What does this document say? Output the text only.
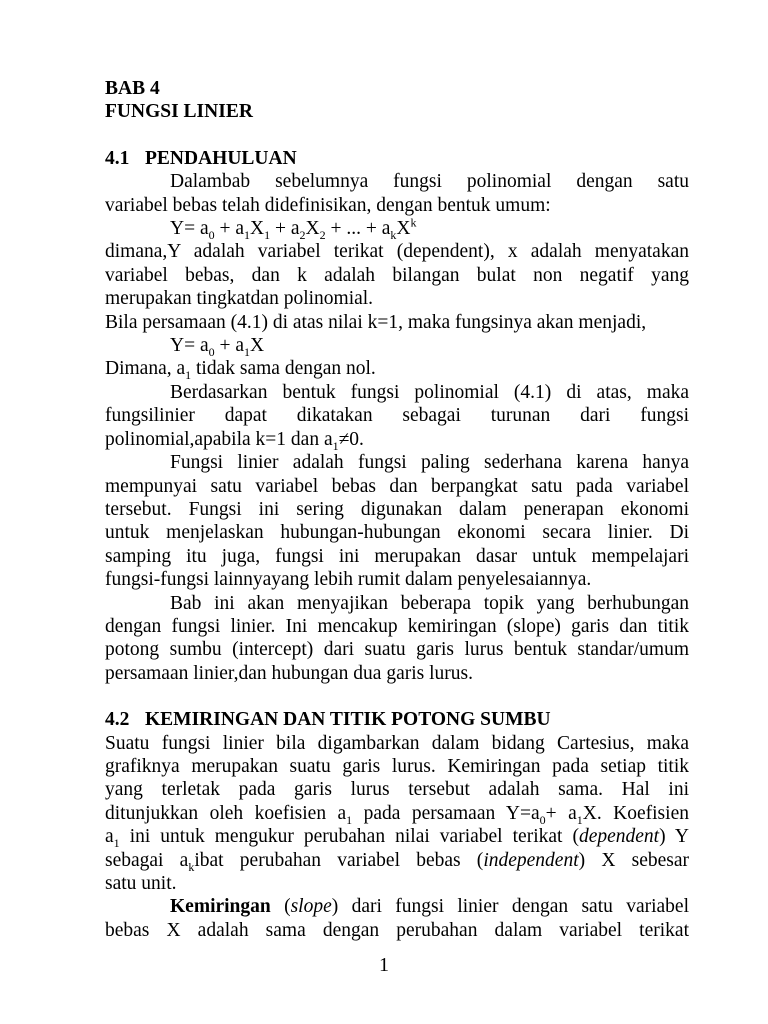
BAB 4
FUNGSI LINIER
4.1 PENDAHULUAN
Dalambab sebelumnya fungsi polinomial dengan satu
variabel bebas telah didefinisikan, dengan bentuk umum:
$Y= a_0 + a_1X_1 + a_2X_2$ + ... + $a_kX^k$
dimana,Y adalah variabel terikat (dependent), x adalah menyatakan
variabel bebas, dan k adalah bilangan bulat non negatif yang
merupakan tingkatdan polinomial.
Bila persamaan (4.1) di atas nilai k=1, maka fungsinya akan menjadi,
$Y= a_0 + a_1X$
Dimana, $a_1$ tidak sama dengan nol.
Berdasarkan bentuk fungsi polinomial (4.1) di atas, maka
fungsilinier dapat dikatakan sebagai turunan dari fungsi
polinomial,apabila k=1 dan $a_1\ne 0$.
Fungsi linier adalah fungsi paling sederhana karena hanya
mempunyai satu variabel bebas dan berpangkat satu pada variabel
tersebut. Fungsi ini sering digunakan dalam penerapan ekonomi
untuk menjelaskan hubungan-hubungan ekonomi secara linier. Di
samping itu juga, fungsi ini merupakan dasar untuk mempelajari
fungsi-fungsi lainnyayang lebih rumit dalam penyelesaiannya.
Bab ini akan menyajikan beberapa topik yang berhubungan
dengan fungsi linier. Ini mencakup kemiringan (slope) garis dan titik
potong sumbu (intercept) dari suatu garis lurus bentuk standar/umum
persamaan linier,dan hubungan dua garis lurus.
4.2 KEMIRINGAN DAN TITIK POTONG SUMBU
Suatu fungsi linier bila digambarkan dalam bidang Cartesius, maka
grafiknya merupakan suatu garis lurus. Kemiringan pada setiap titik
yang terletak pada garis lurus tersebut adalah sama. Hal ini
ditunjukkan oleh koefisien $a_1$ pada persamaan $Y=a_0+ a_1X$. Koefisien
$a_1$ ini untuk mengukur perubahan nilai variabel terikat (dependent) Y
sebagai $a_kibat$ perubahan variabel bebas (independent) X sebesar
satu unit.
Kemiringan (slope) dari fungsi linier dengan satu variabel
bebas X adalah sama dengan perubahan dalam variabel terikat
1
